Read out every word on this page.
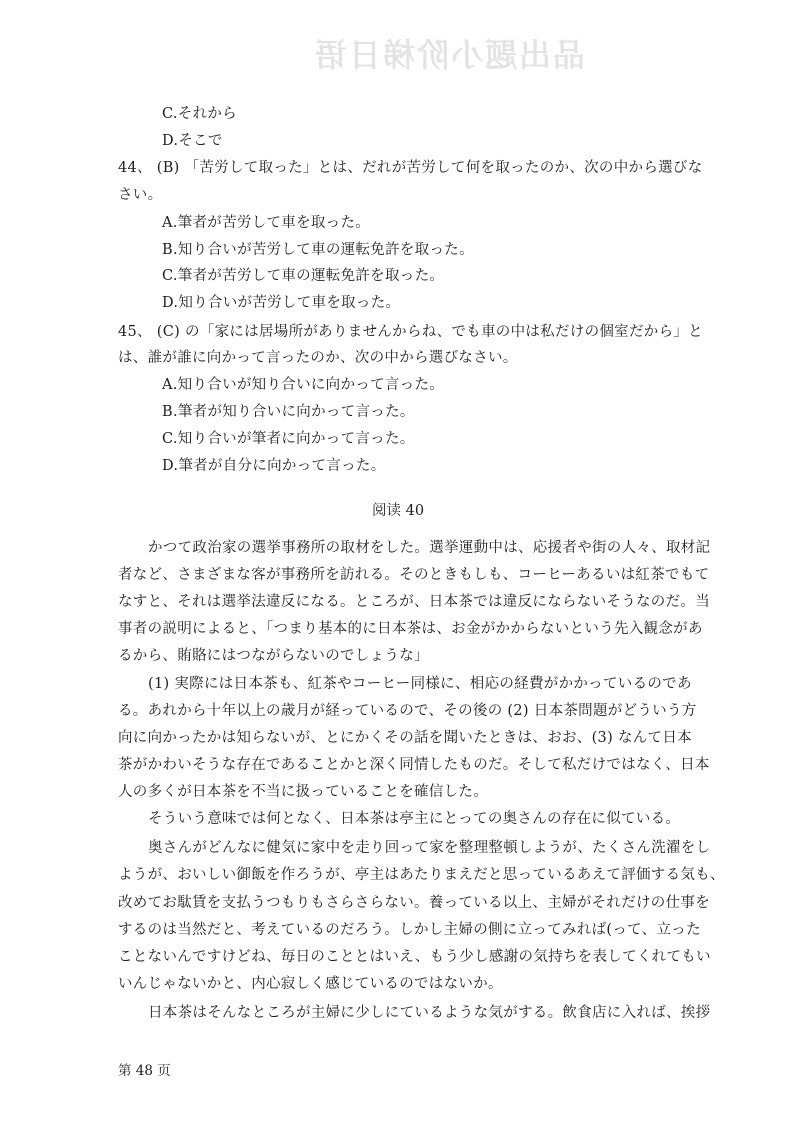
品出题小阶梯日语
C.それから
D.そこで
44、 (B) 「苦労して取った」とは、だれが苦労して何を取ったのか、次の中から選びな
さい。
A.筆者が苦労して車を取った。
B.知り合いが苦労して車の運転免許を取った。
C.筆者が苦労して車の運転免許を取った。
D.知り合いが苦労して車を取った。
45、 (C) の「家には居場所がありませんからね、でも車の中は私だけの個室だから」と
は、誰が誰に向かって言ったのか、次の中から選びなさい。
A.知り合いが知り合いに向かって言った。
B.筆者が知り合いに向かって言った。
C.知り合いが筆者に向かって言った。
D.筆者が自分に向かって言った。
阅读 40
かつて政治家の選挙事務所の取材をした。選挙運動中は、応援者や街の人々、取材記
者など、さまざまな客が事務所を訪れる。そのときもしも、コーヒーあるいは紅茶でもて
なすと、それは選挙法違反になる。ところが、日本茶では違反にならないそうなのだ。当
事者の説明によると、「つまり基本的に日本茶は、お金がかからないという先入観念があ
るから、賄賂にはつながらないのでしょうな」
(1) 実際には日本茶も、紅茶やコーヒー同様に、相応の経費がかかっているのであ
る。あれから十年以上の歳月が経っているので、その後の (2) 日本茶問題がどういう方
向に向かったかは知らないが、とにかくその話を聞いたときは、おお、(3) なんて日本
茶がかわいそうな存在であることかと深く同情したものだ。そして私だけではなく、日本
人の多くが日本茶を不当に扱っていることを確信した。
そういう意味では何となく、日本茶は亭主にとっての奥さんの存在に似ている。
奥さんがどんなに健気に家中を走り回って家を整理整頓しようが、たくさん洗濯をし
ようが、おいしい御飯を作ろうが、亭主はあたりまえだと思っているあえて評価する気も、
改めてお駄賃を支払うつもりもさらさらない。養っている以上、主婦がそれだけの仕事を
するのは当然だと、考えているのだろう。しかし主婦の側に立ってみれば(って、立った
ことないんですけどね、毎日のこととはいえ、もう少し感謝の気持ちを表してくれてもい
いんじゃないかと、内心寂しく感じているのではないか。
日本茶はそんなところが主婦に少しにているような気がする。飲食店に入れば、挨拶
第 48 页
